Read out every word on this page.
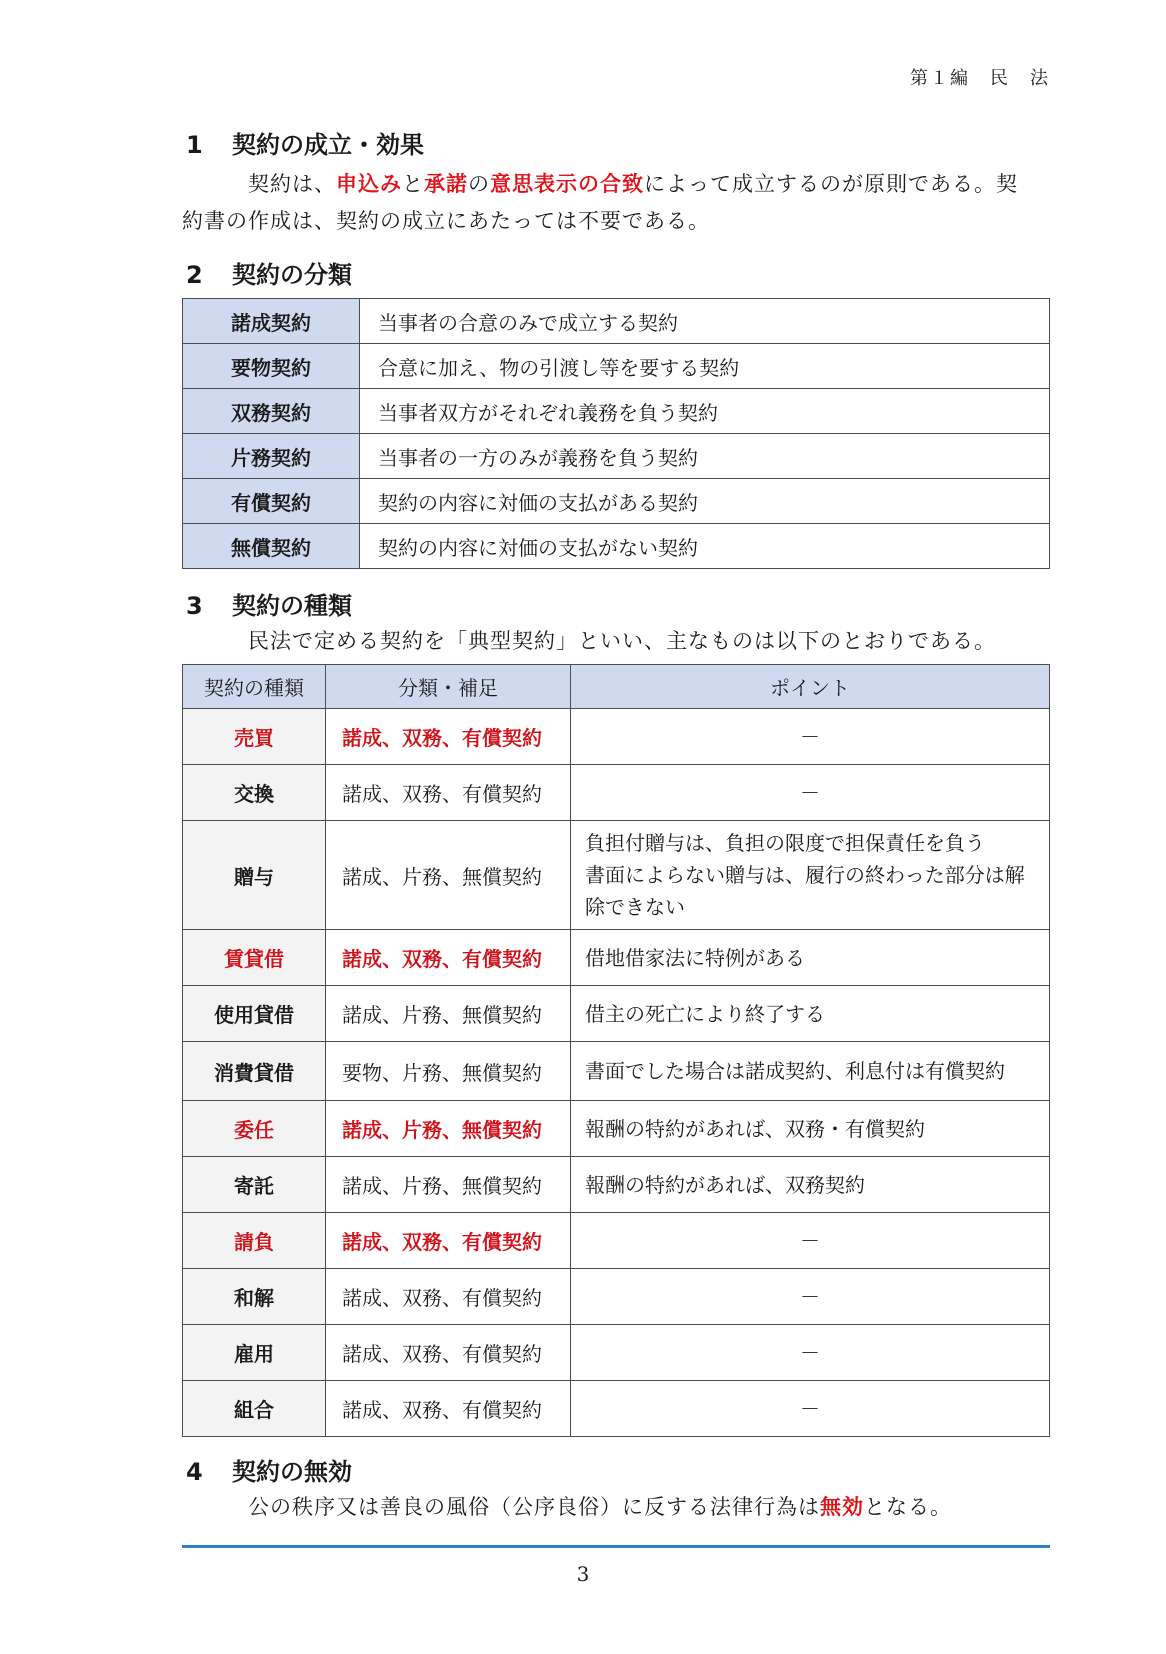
第１編　民　法
1	契約の成立・効果

契約は、申込みと承諾の意思表示の合致によって成立するのが原則である。契
約書の作成は、契約の成立にあたっては不要である。

2	契約の分類
諾成契約	当事者の合意のみで成立する契約
要物契約	合意に加え、物の引渡し等を要する契約
双務契約	当事者双方がそれぞれ義務を負う契約
片務契約	当事者の一方のみが義務を負う契約
有償契約	契約の内容に対価の支払がある契約
無償契約	契約の内容に対価の支払がない契約
3	契約の種類

民法で定める契約を「典型契約」といい、主なものは以下のとおりである。

契約の種類	分類・補足	ポイント
売買	諾成、双務、有償契約	－
交換	諾成、双務、有償契約	－
贈与	諾成、片務、無償契約	負担付贈与は、負担の限度で担保責任を負う
書面によらない贈与は、履行の終わった部分は解除できない

賃貸借	諾成、双務、有償契約	借地借家法に特例がある
使用貸借	諾成、片務、無償契約	借主の死亡により終了する
消費貸借	要物、片務、無償契約	書面でした場合は諾成契約、利息付は有償契約
委任	諾成、片務、無償契約	報酬の特約があれば、双務・有償契約
寄託	諾成、片務、無償契約	報酬の特約があれば、双務契約
請負	諾成、双務、有償契約	－
和解	諾成、双務、有償契約	－
雇用	諾成、双務、有償契約	－
組合	諾成、双務、有償契約	－
4	契約の無効

公の秩序又は善良の風俗（公序良俗）に反する法律行為は無効となる。

3
